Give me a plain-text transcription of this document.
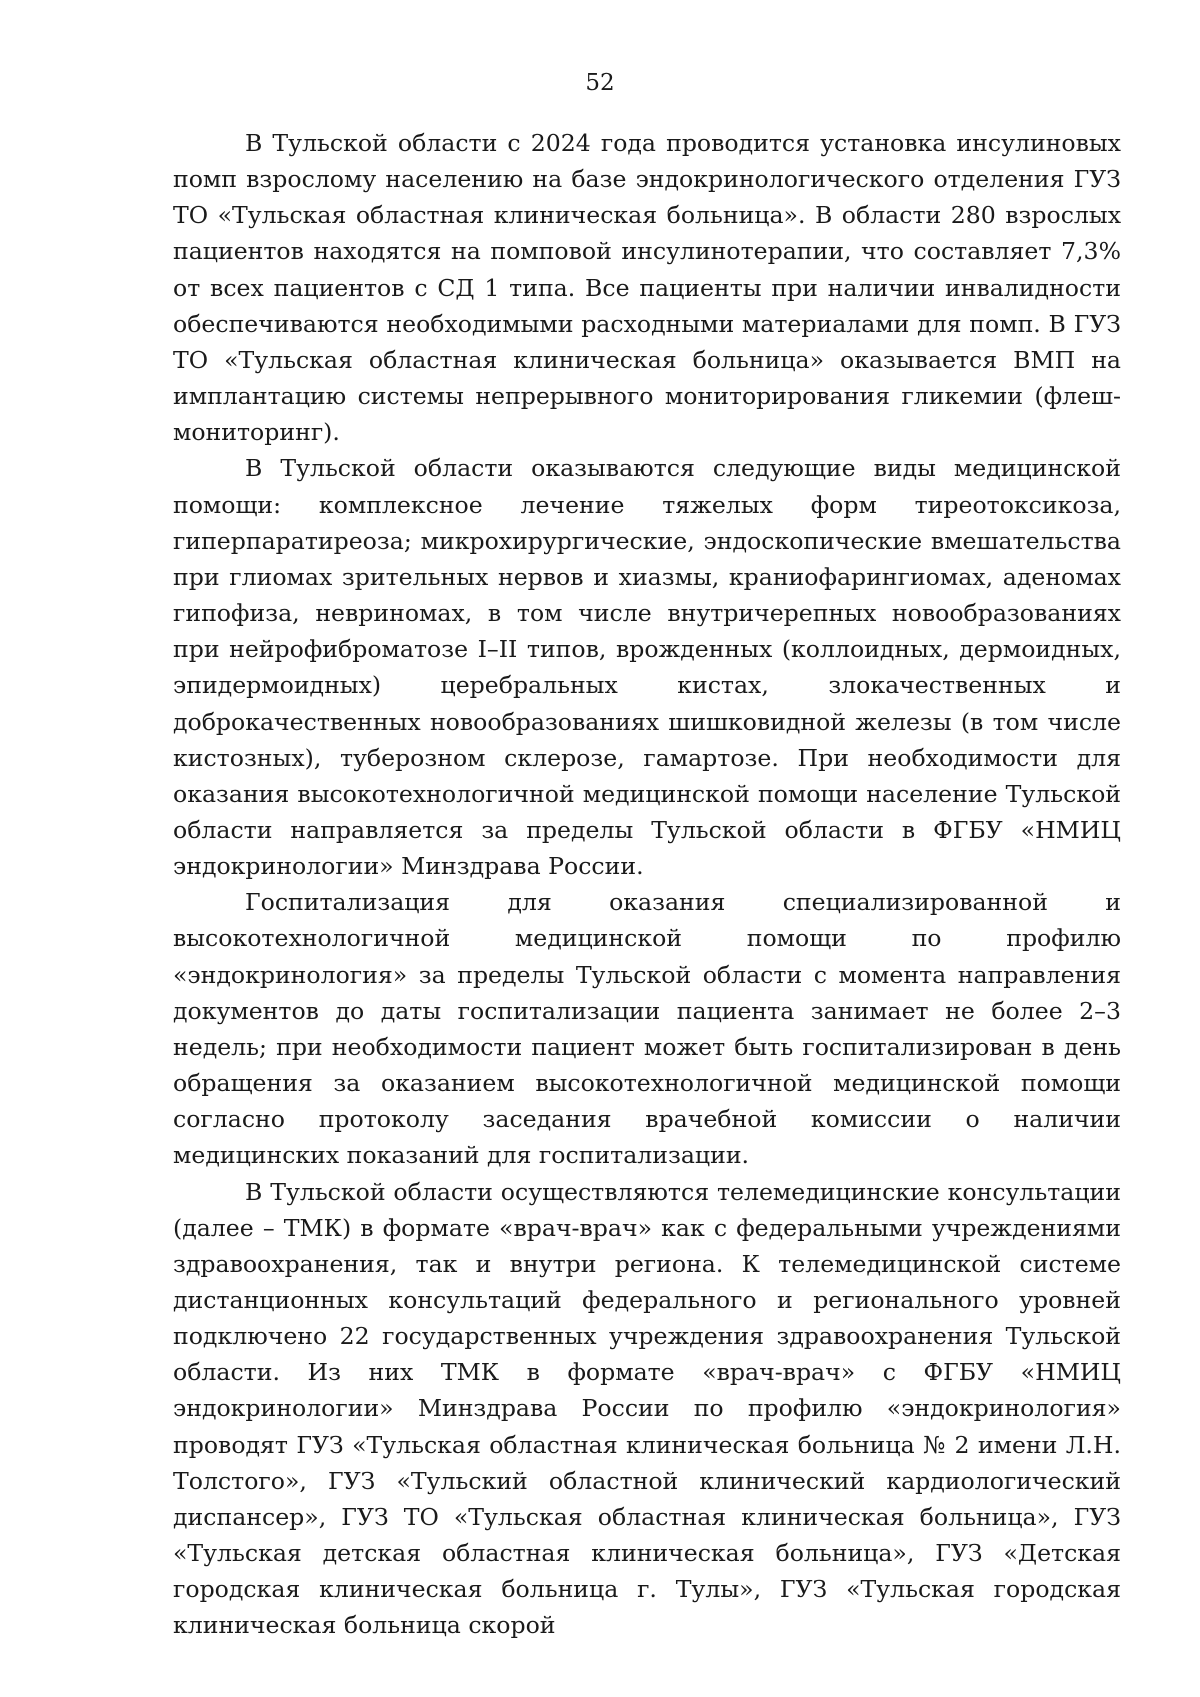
52

В Тульской области с 2024 года проводится установка инсулиновых помп взрослому населению на базе эндокринологического отделения ГУЗ ТО «Тульская областная клиническая больница». В области 280 взрослых пациентов находятся на помповой инсулинотерапии, что составляет 7,3% от всех пациентов с СД 1 типа. Все пациенты при наличии инвалидности обеспечиваются необходимыми расходными материалами для помп. В ГУЗ ТО «Тульская областная клиническая больница» оказывается ВМП на имплантацию системы непрерывного мониторирования гликемии (флеш-мониторинг).

В Тульской области оказываются следующие виды медицинской помощи: комплексное лечение тяжелых форм тиреотоксикоза, гиперпаратиреоза; микрохирургические, эндоскопические вмешательства при глиомах зрительных нервов и хиазмы, краниофарингиомах, аденомах гипофиза, невриномах, в том числе внутричерепных новообразованиях при нейрофиброматозе I–II типов, врожденных (коллоидных, дермоидных, эпидермоидных) церебральных кистах, злокачественных и доброкачественных новообразованиях шишковидной железы (в том числе кистозных), туберозном склерозе, гамартозе. При необходимости для оказания высокотехнологичной медицинской помощи население Тульской области направляется за пределы Тульской области в ФГБУ «НМИЦ эндокринологии» Минздрава России.

Госпитализация для оказания специализированной и высокотехнологичной медицинской помощи по профилю «эндокринология» за пределы Тульской области с момента направления документов до даты госпитализации пациента занимает не более 2–3 недель; при необходимости пациент может быть госпитализирован в день обращения за оказанием высокотехнологичной медицинской помощи согласно протоколу заседания врачебной комиссии о наличии медицинских показаний для госпитализации.

В Тульской области осуществляются телемедицинские консультации (далее – ТМК) в формате «врач-врач» как с федеральными учреждениями здравоохранения, так и внутри региона. К телемедицинской системе дистанционных консультаций федерального и регионального уровней подключено 22 государственных учреждения здравоохранения Тульской области. Из них ТМК в формате «врач-врач» с ФГБУ «НМИЦ эндокринологии» Минздрава России по профилю «эндокринология» проводят ГУЗ «Тульская областная клиническая больница № 2 имени Л.Н. Толстого», ГУЗ «Тульский областной клинический кардиологический диспансер», ГУЗ ТО «Тульская областная клиническая больница», ГУЗ «Тульская детская областная клиническая больница», ГУЗ «Детская городская клиническая больница г. Тулы», ГУЗ «Тульская городская клиническая больница скорой
